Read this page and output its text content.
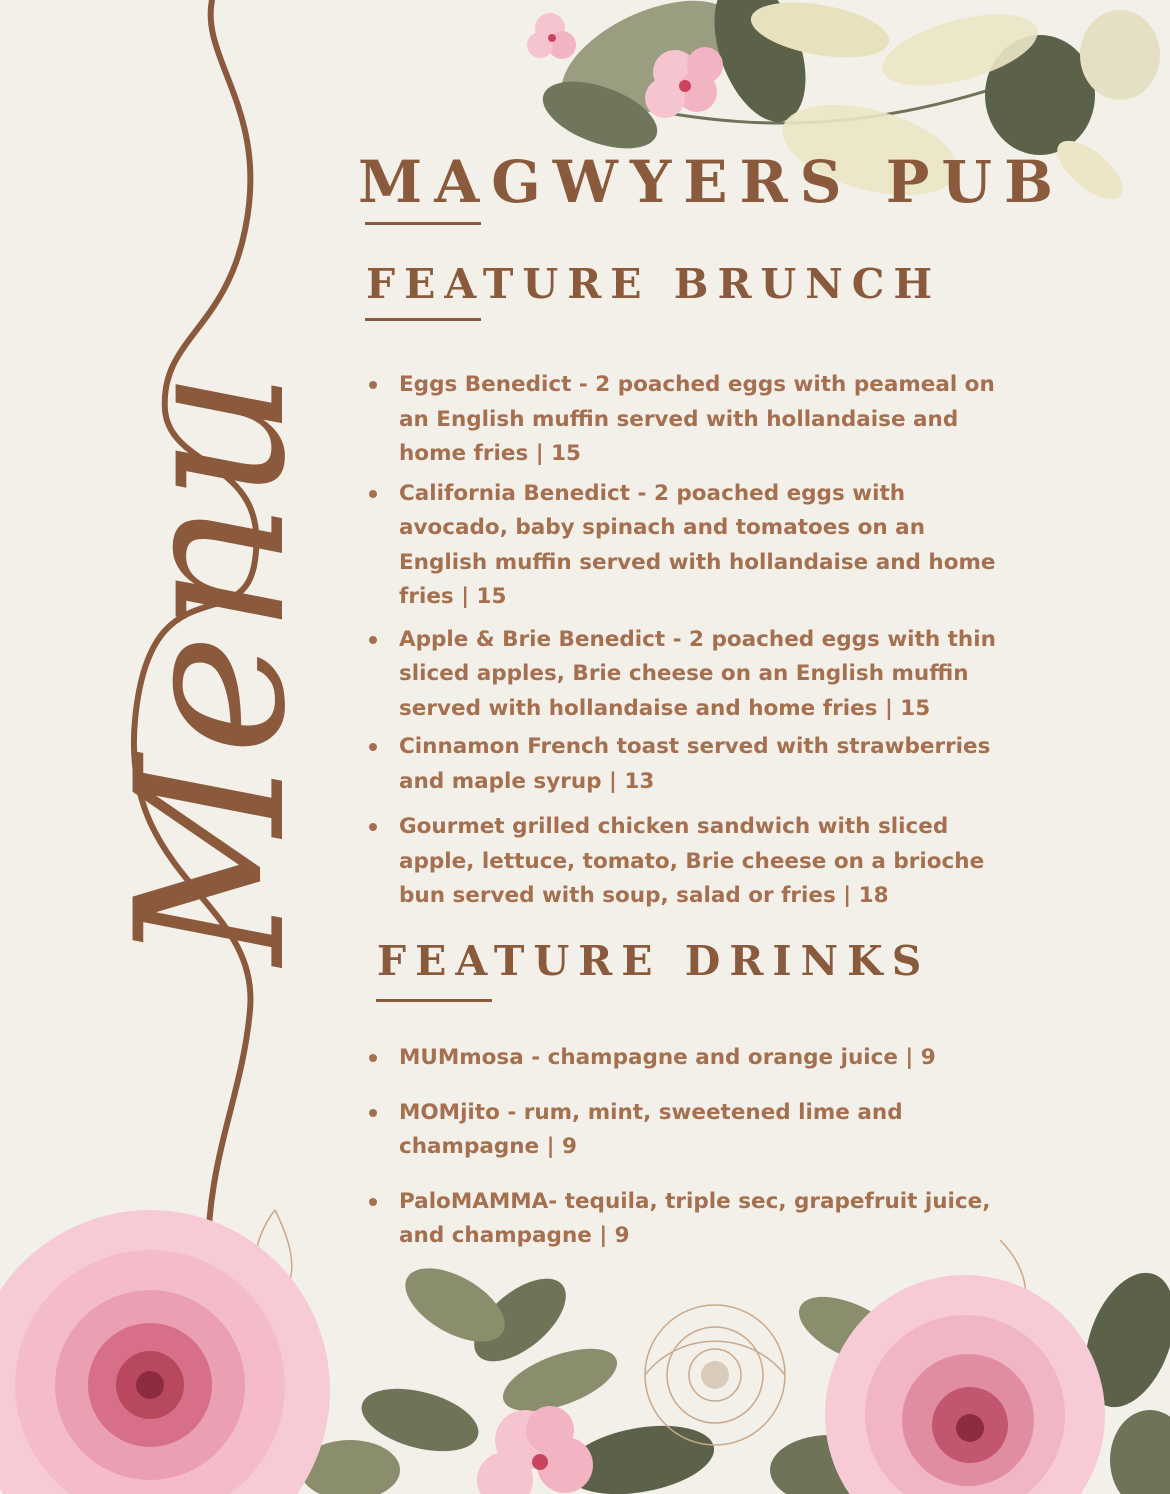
Menu
MAGWYERS PUB
FEATURE BRUNCH
Eggs Benedict - 2 poached eggs with peameal on an English muffin served with hollandaise and home fries | 15
California Benedict - 2 poached eggs with avocado, baby spinach and tomatoes on an English muffin served with hollandaise and home fries | 15
Apple & Brie Benedict - 2 poached eggs with thin sliced apples, Brie cheese on an English muffin served with hollandaise and home fries | 15
Cinnamon French toast served with strawberries and maple syrup | 13
Gourmet grilled chicken sandwich with sliced apple, lettuce, tomato, Brie cheese on a brioche bun served with soup, salad or fries | 18
FEATURE DRINKS
MUMmosa - champagne and orange juice | 9
MOMjito - rum, mint, sweetened lime and champagne | 9
PaloMAMMA- tequila, triple sec, grapefruit juice, and champagne | 9
